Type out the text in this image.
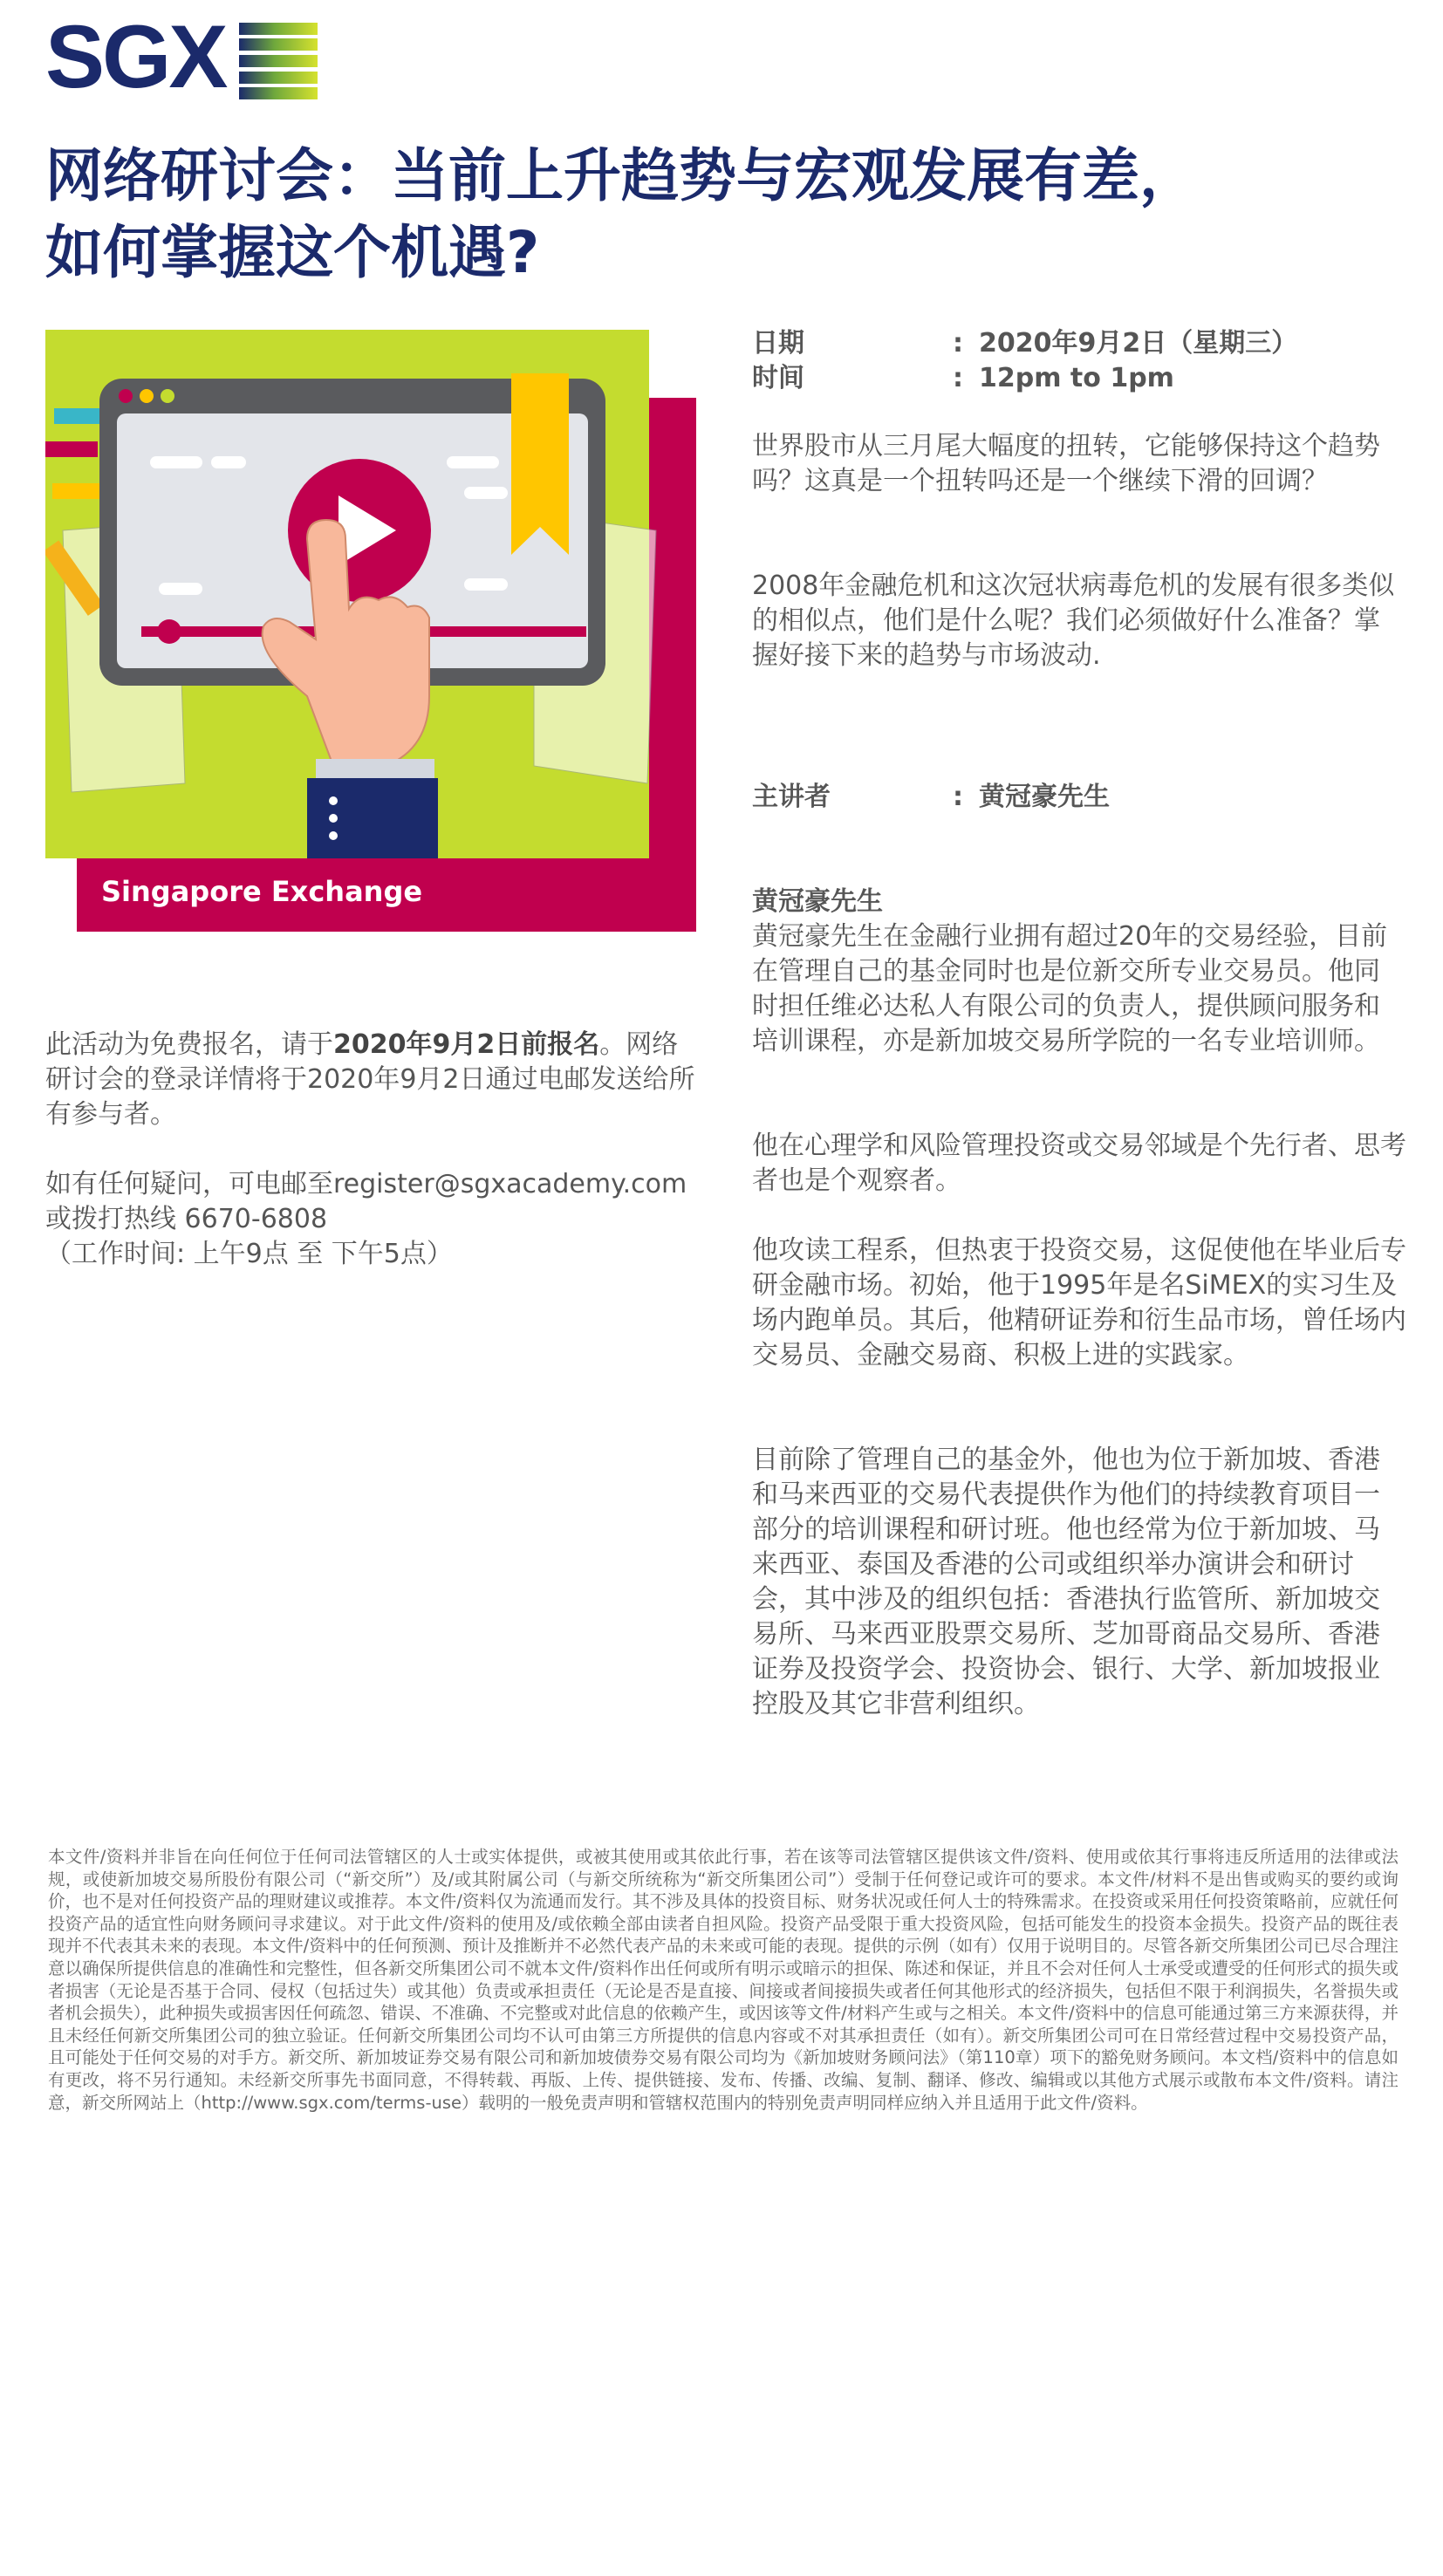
SGX
网络研讨会：当前上升趋势与宏观发展有差，
如何掌握这个机遇?
Singapore Exchange
日期	: 2020年9月2日（星期三）
时间	: 12pm to 1pm

世界股市从三月尾大幅度的扭转，它能够保持这个趋势吗？这真是一个扭转吗还是一个继续下滑的回调？

2008年金融危机和这次冠状病毒危机的发展有很多类似的相似点，他们是什么呢？我们必须做好什么准备？掌握好接下来的趋势与市场波动.

主讲者	: 黄冠豪先生

此活动为免费报名，请于2020年9月2日前报名。网络研讨会的登录详情将于2020年9月2日通过电邮发送给所有参与者。

如有任何疑问，可电邮至register@sgxacademy.com
或拨打热线 6670-6808
（工作时间: 上午9点 至 下午5点）

黄冠豪先生

黄冠豪先生在金融行业拥有超过20年的交易经验，目前在管理自己的基金同时也是位新交所专业交易员。他同时担任维必达私人有限公司的负责人，提供顾问服务和培训课程，亦是新加坡交易所学院的一名专业培训师。

他在心理学和风险管理投资或交易邻域是个先行者、思考者也是个观察者。

他攻读工程系，但热衷于投资交易，这促使他在毕业后专研金融市场。初始，他于1995年是名SiMEX的实习生及场内跑单员。其后，他精研证券和衍生品市场，曾任场内交易员、金融交易商、积极上进的实践家。

目前除了管理自己的基金外，他也为位于新加坡、香港和马来西亚的交易代表提供作为他们的持续教育项目一部分的培训课程和研讨班。他也经常为位于新加坡、马来西亚、泰国及香港的公司或组织举办演讲会和研讨会，其中涉及的组织包括：香港执行监管所、新加坡交易所、马来西亚股票交易所、芝加哥商品交易所、香港证券及投资学会、投资协会、银行、大学、新加坡报业控股及其它非营利组织。

本文件/资料并非旨在向任何位于任何司法管辖区的人士或实体提供，或被其使用或其依此行事，若在该等司法管辖区提供该文件/资料、使用或依其行事将违反所适用的法律或法规，或使新加坡交易所股份有限公司（“新交所”）及/或其附属公司（与新交所统称为“新交所集团公司”）受制于任何登记或许可的要求。本文件/材料不是出售或购买的要约或询价，也不是对任何投资产品的理财建议或推荐。本文件/资料仅为流通而发行。其不涉及具体的投资目标、财务状况或任何人士的特殊需求。在投资或采用任何投资策略前，应就任何投资产品的适宜性向财务顾问寻求建议。对于此文件/资料的使用及/或依赖全部由读者自担风险。投资产品受限于重大投资风险，包括可能发生的投资本金损失。投资产品的既往表现并不代表其未来的表现。本文件/资料中的任何预测、预计及推断并不必然代表产品的未来或可能的表现。提供的示例（如有）仅用于说明目的。尽管各新交所集团公司已尽合理注意以确保所提供信息的准确性和完整性，但各新交所集团公司不就本文件/资料作出任何或所有明示或暗示的担保、陈述和保证，并且不会对任何人士承受或遭受的任何形式的损失或者损害（无论是否基于合同、侵权（包括过失）或其他）负责或承担责任（无论是否是直接、间接或者间接损失或者任何其他形式的经济损失，包括但不限于利润损失，名誉损失或者机会损失），此种损失或损害因任何疏忽、错误、不准确、不完整或对此信息的依赖产生，或因该等文件/材料产生或与之相关。本文件/资料中的信息可能通过第三方来源获得，并且未经任何新交所集团公司的独立验证。任何新交所集团公司均不认可由第三方所提供的信息内容或不对其承担责任（如有）。新交所集团公司可在日常经营过程中交易投资产品，且可能处于任何交易的对手方。新交所、新加坡证券交易有限公司和新加坡债券交易有限公司均为《新加坡财务顾问法》（第110章）项下的豁免财务顾问。本文档/资料中的信息如有更改，将不另行通知。未经新交所事先书面同意，不得转载、再版、上传、提供链接、发布、传播、改编、复制、翻译、修改、编辑或以其他方式展示或散布本文件/资料。请注意，新交所网站上（http://www.sgx.com/terms-use）载明的一般免责声明和管辖权范围内的特别免责声明同样应纳入并且适用于此文件/资料。
